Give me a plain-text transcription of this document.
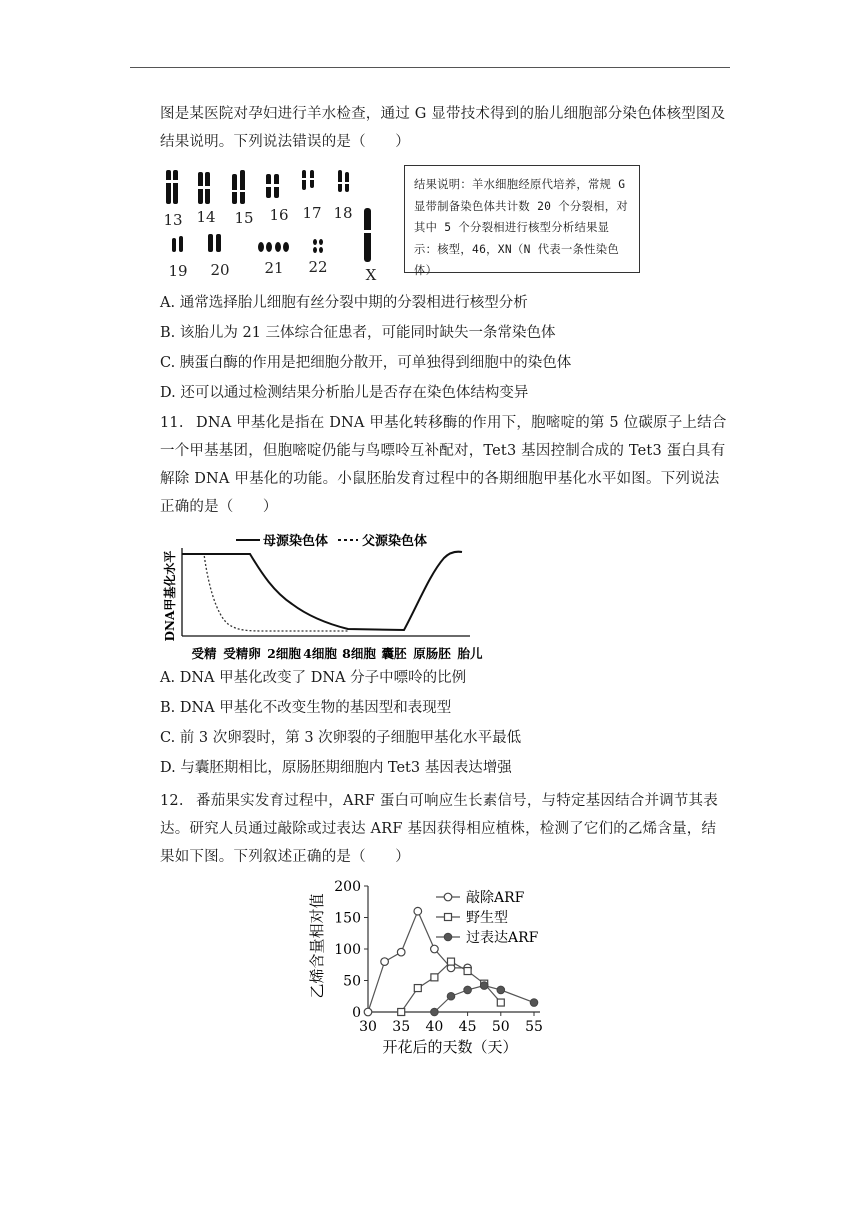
图是某医院对孕妇进行羊水检查，通过 G 显带技术得到的胎儿细胞部分染色体核型图及结果说明。下列说法错误的是（　　）
13 14 15 16 17 18
19 20 21 22	X
结果说明：羊水细胞经原代培养，常规 G 显带制备染色体共计数 20 个分裂相，对其中 5 个分裂相进行核型分析结果显示：核型，46，XN（N 代表一条性染色体）
A. 通常选择胎儿细胞有丝分裂中期的分裂相进行核型分析
B. 该胎儿为 21 三体综合征患者，可能同时缺失一条常染色体
C. 胰蛋白酶的作用是把细胞分散开，可单独得到细胞中的染色体
D. 还可以通过检测结果分析胎儿是否存在染色体结构变异
11. DNA 甲基化是指在 DNA 甲基化转移酶的作用下，胞嘧啶的第 5 位碳原子上结合一个甲基基团，但胞嘧啶仍能与鸟嘌呤互补配对，Tet3 基因控制合成的 Tet3 蛋白具有解除 DNA 甲基化的功能。小鼠胚胎发育过程中的各期细胞甲基化水平如图。下列说法正确的是（　　）
母源染色体	父源染色体
DNA甲基化水平
受精 受精卵 2细胞 4细胞 8细胞 囊胚 原肠胚 胎儿
A. DNA 甲基化改变了 DNA 分子中嘌呤的比例
B. DNA 甲基化不改变生物的基因型和表现型
C. 前 3 次卵裂时，第 3 次卵裂的子细胞甲基化水平最低
D. 与囊胚期相比，原肠胚期细胞内 Tet3 基因表达增强
12. 番茄果实发育过程中，ARF 蛋白可响应生长素信号，与特定基因结合并调节其表达。研究人员通过敲除或过表达 ARF 基因获得相应植株，检测了它们的乙烯含量，结果如下图。下列叙述正确的是（　　）
乙烯含量相对值
开花后的天数（天）
30 35 40 45 50 55
0
50
100
150
200
敲除ARF
野生型
过表达ARF
